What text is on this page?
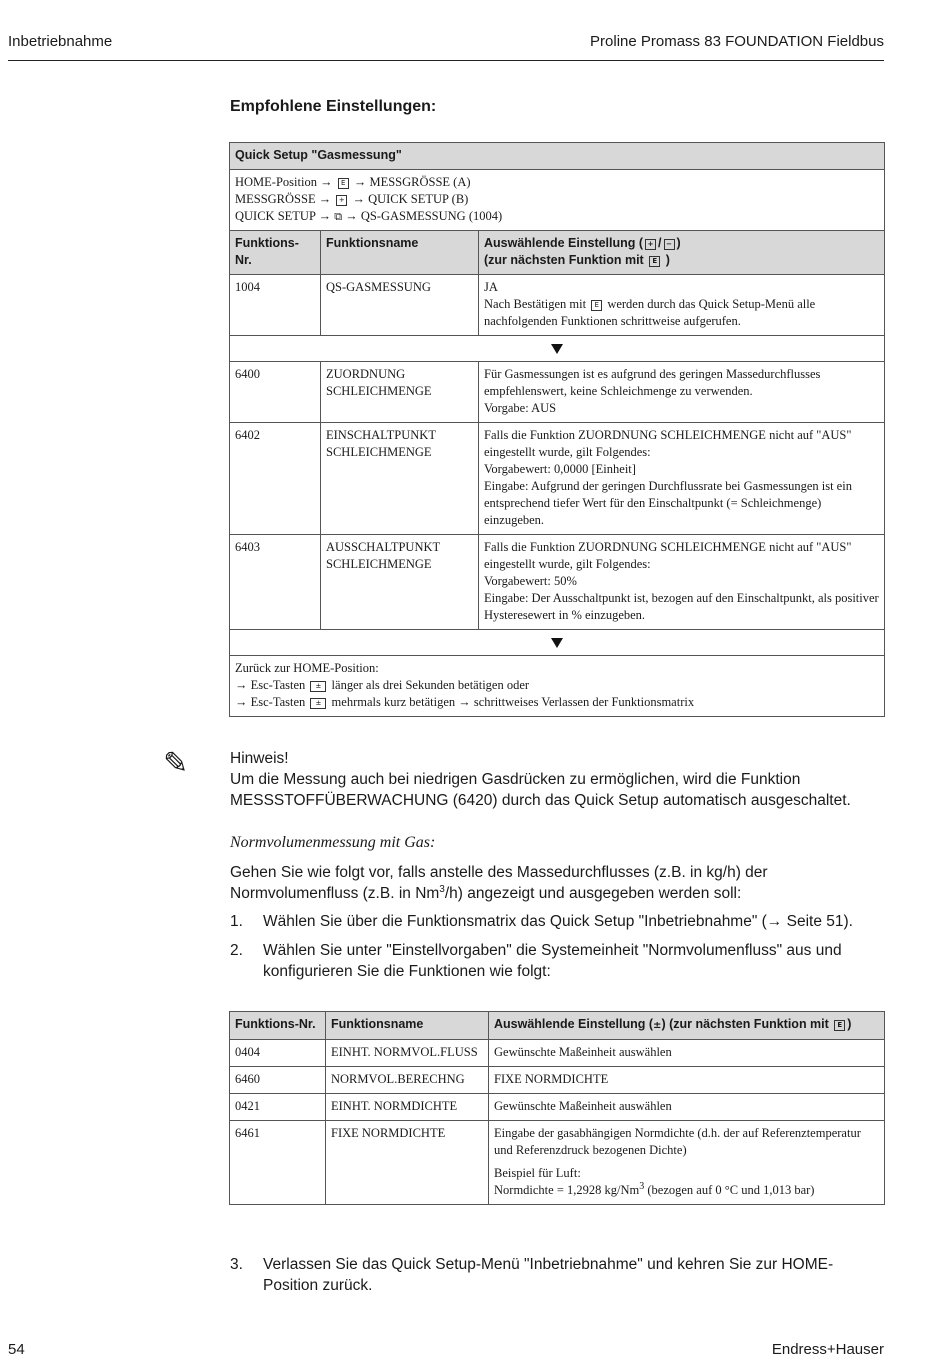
Inbetriebnahme	Proline Promass 83 FOUNDATION Fieldbus
Empfohlene Einstellungen:
Quick Setup "Gasmessung"		

HOME-Position → E → MESSGRÖSSE (A)
MESSGRÖSSE → + → QUICK SETUP (B)
QUICK SETUP → ⧉ → QS-GASMESSUNG (1004)		

Funktions-Nr.	Funktionsname	Auswählende Einstellung ( + / − )
(zur nächsten Funktion mit E )
1004	QS-GASMESSUNG	JA
Nach Bestätigen mit E werden durch das Quick Setup-Menü alle nachfolgenden Funktionen schrittweise aufgerufen.

6400	ZUORDNUNG SCHLEICHMENGE	Für Gasmessungen ist es aufgrund des geringen Massedurchflusses empfehlenswert, keine Schleichmenge zu verwenden.
Vorgabe: AUS

6402	EINSCHALTPUNKT SCHLEICHMENGE	Falls die Funktion ZUORDNUNG SCHLEICHMENGE nicht auf "AUS" eingestellt wurde, gilt Folgendes:
Vorgabewert: 0,0000 [Einheit]
Eingabe: Aufgrund der geringen Durchflussrate bei Gasmessungen ist ein entsprechend tiefer Wert für den Einschaltpunkt (= Schleichmenge) einzugeben.

6403	AUSSCHALTPUNKT SCHLEICHMENGE	Falls die Funktion ZUORDNUNG SCHLEICHMENGE nicht auf "AUS" eingestellt wurde, gilt Folgendes:
Vorgabewert: 50%
Eingabe: Der Ausschaltpunkt ist, bezogen auf den Einschaltpunkt, als positiver Hysteresewert in % einzugeben.

Zurück zur HOME-Position:
→ Esc-Tasten ± länger als drei Sekunden betätigen oder
→ Esc-Tasten ± mehrmals kurz betätigen → schrittweises Verlassen der Funktionsmatrix		
✎	Hinweis!
Um die Messung auch bei niedrigen Gasdrücken zu ermöglichen, wird die Funktion MESSSTOFFÜBERWACHUNG (6420) durch das Quick Setup automatisch ausgeschaltet.
Normvolumenmessung mit Gas:
Gehen Sie wie folgt vor, falls anstelle des Massedurchflusses (z.B. in kg/h) der Normvolumenfluss (z.B. in Nm$^3$/h) angezeigt und ausgegeben werden soll:
1. Wählen Sie über die Funktionsmatrix das Quick Setup "Inbetriebnahme" (→ Seite 51).
2. Wählen Sie unter "Einstellvorgaben" die Systemeinheit "Normvolumenfluss" aus und konfigurieren Sie die Funktionen wie folgt:
Funktions-Nr.	Funktionsname	Auswählende Einstellung (±) (zur nächsten Funktion mit E )
0404	EINHT. NORMVOL.FLUSS	Gewünschte Maßeinheit auswählen
6460	NORMVOL.BERECHNG	FIXE NORMDICHTE
0421	EINHT. NORMDICHTE	Gewünschte Maßeinheit auswählen
6461	FIXE NORMDICHTE	Eingabe der gasabhängigen Normdichte (d.h. der auf Referenztemperatur und Referenzdruck bezogenen Dichte)
Beispiel für Luft:
Normdichte = 1,2928 kg/Nm$^3$ (bezogen auf 0 °C und 1,013 bar)
3. Verlassen Sie das Quick Setup-Menü "Inbetriebnahme" und kehren Sie zur HOME-Position zurück.
54	Endress+Hauser
